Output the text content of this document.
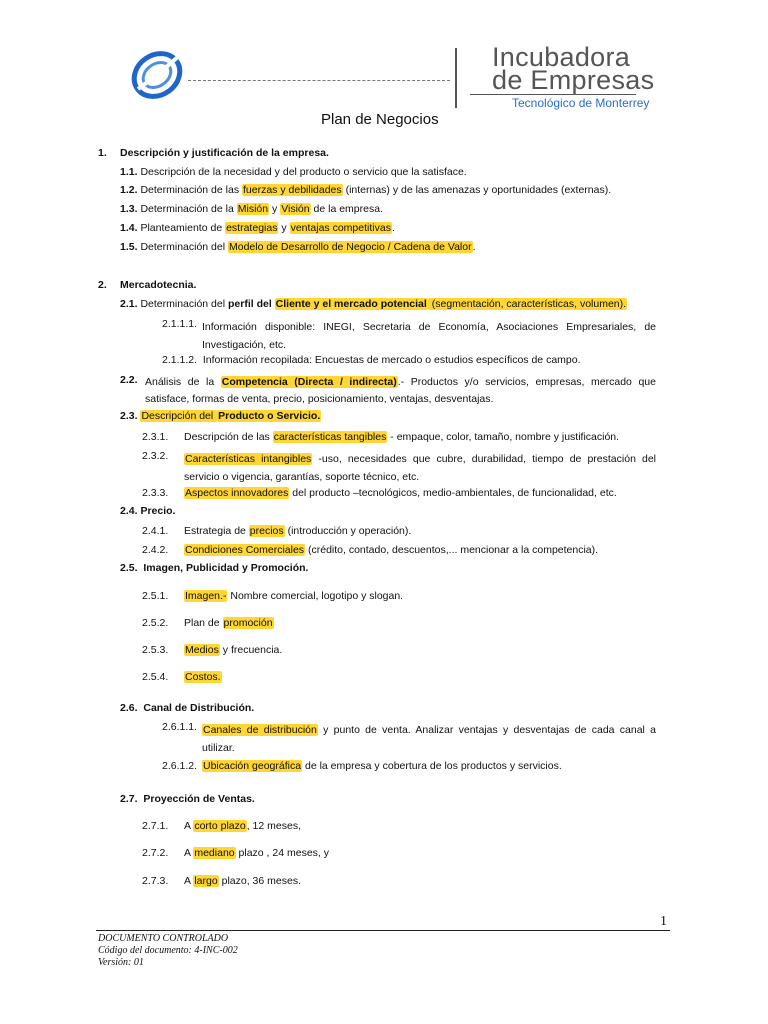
Incubadora
de Empresas
Tecnológico de Monterrey
Plan de Negocios
1. Descripción y justificación de la empresa.
1.1. Descripción de la necesidad y del producto o servicio que la satisface.
1.2. Determinación de las fuerzas y debilidades (internas) y de las amenazas y oportunidades (externas).
1.3. Determinación de la Misión y Visión de la empresa.
1.4. Planteamiento de estrategias y ventajas competitivas.
1.5. Determinación del Modelo de Desarrollo de Negocio / Cadena de Valor.
2. Mercadotecnia.
2.1. Determinación del perfil del Cliente y el mercado potencial (segmentación, características, volumen).
2.1.1.1. Información disponible: INEGI, Secretaria de Economía, Asociaciones Empresariales, de Investigación, etc.
2.1.1.2. Información recopilada: Encuestas de mercado o estudios específicos de campo.
2.2. Análisis de la Competencia (Directa / indirecta).- Productos y/o servicios, empresas, mercado que satisface, formas de venta, precio, posicionamiento, ventajas, desventajas.
2.3. Descripción del Producto o Servicio.
2.3.1. Descripción de las características tangibles - empaque, color, tamaño, nombre y justificación.
2.3.2. Características intangibles -uso, necesidades que cubre, durabilidad, tiempo de prestación del servicio o vigencia, garantías, soporte técnico, etc.
2.3.3. Aspectos innovadores del producto –tecnológicos, medio-ambientales, de funcionalidad, etc.
2.4. Precio.
2.4.1. Estrategia de precios (introducción y operación).
2.4.2. Condiciones Comerciales (crédito, contado, descuentos,... mencionar a la competencia).
2.5. Imagen, Publicidad y Promoción.
2.5.1. Imagen.- Nombre comercial, logotipo y slogan.
2.5.2. Plan de promoción
2.5.3. Medios y frecuencia.
2.5.4. Costos.
2.6. Canal de Distribución.
2.6.1.1. Canales de distribución y punto de venta. Analizar ventajas y desventajas de cada canal a utilizar.
2.6.1.2. Ubicación geográfica de la empresa y cobertura de los productos y servicios.
2.7. Proyección de Ventas.
2.7.1. A corto plazo, 12 meses,
2.7.2. A mediano plazo , 24 meses, y
2.7.3. A largo plazo, 36 meses.
1
DOCUMENTO CONTROLADO
Código del documento: 4-INC-002
Versión: 01
